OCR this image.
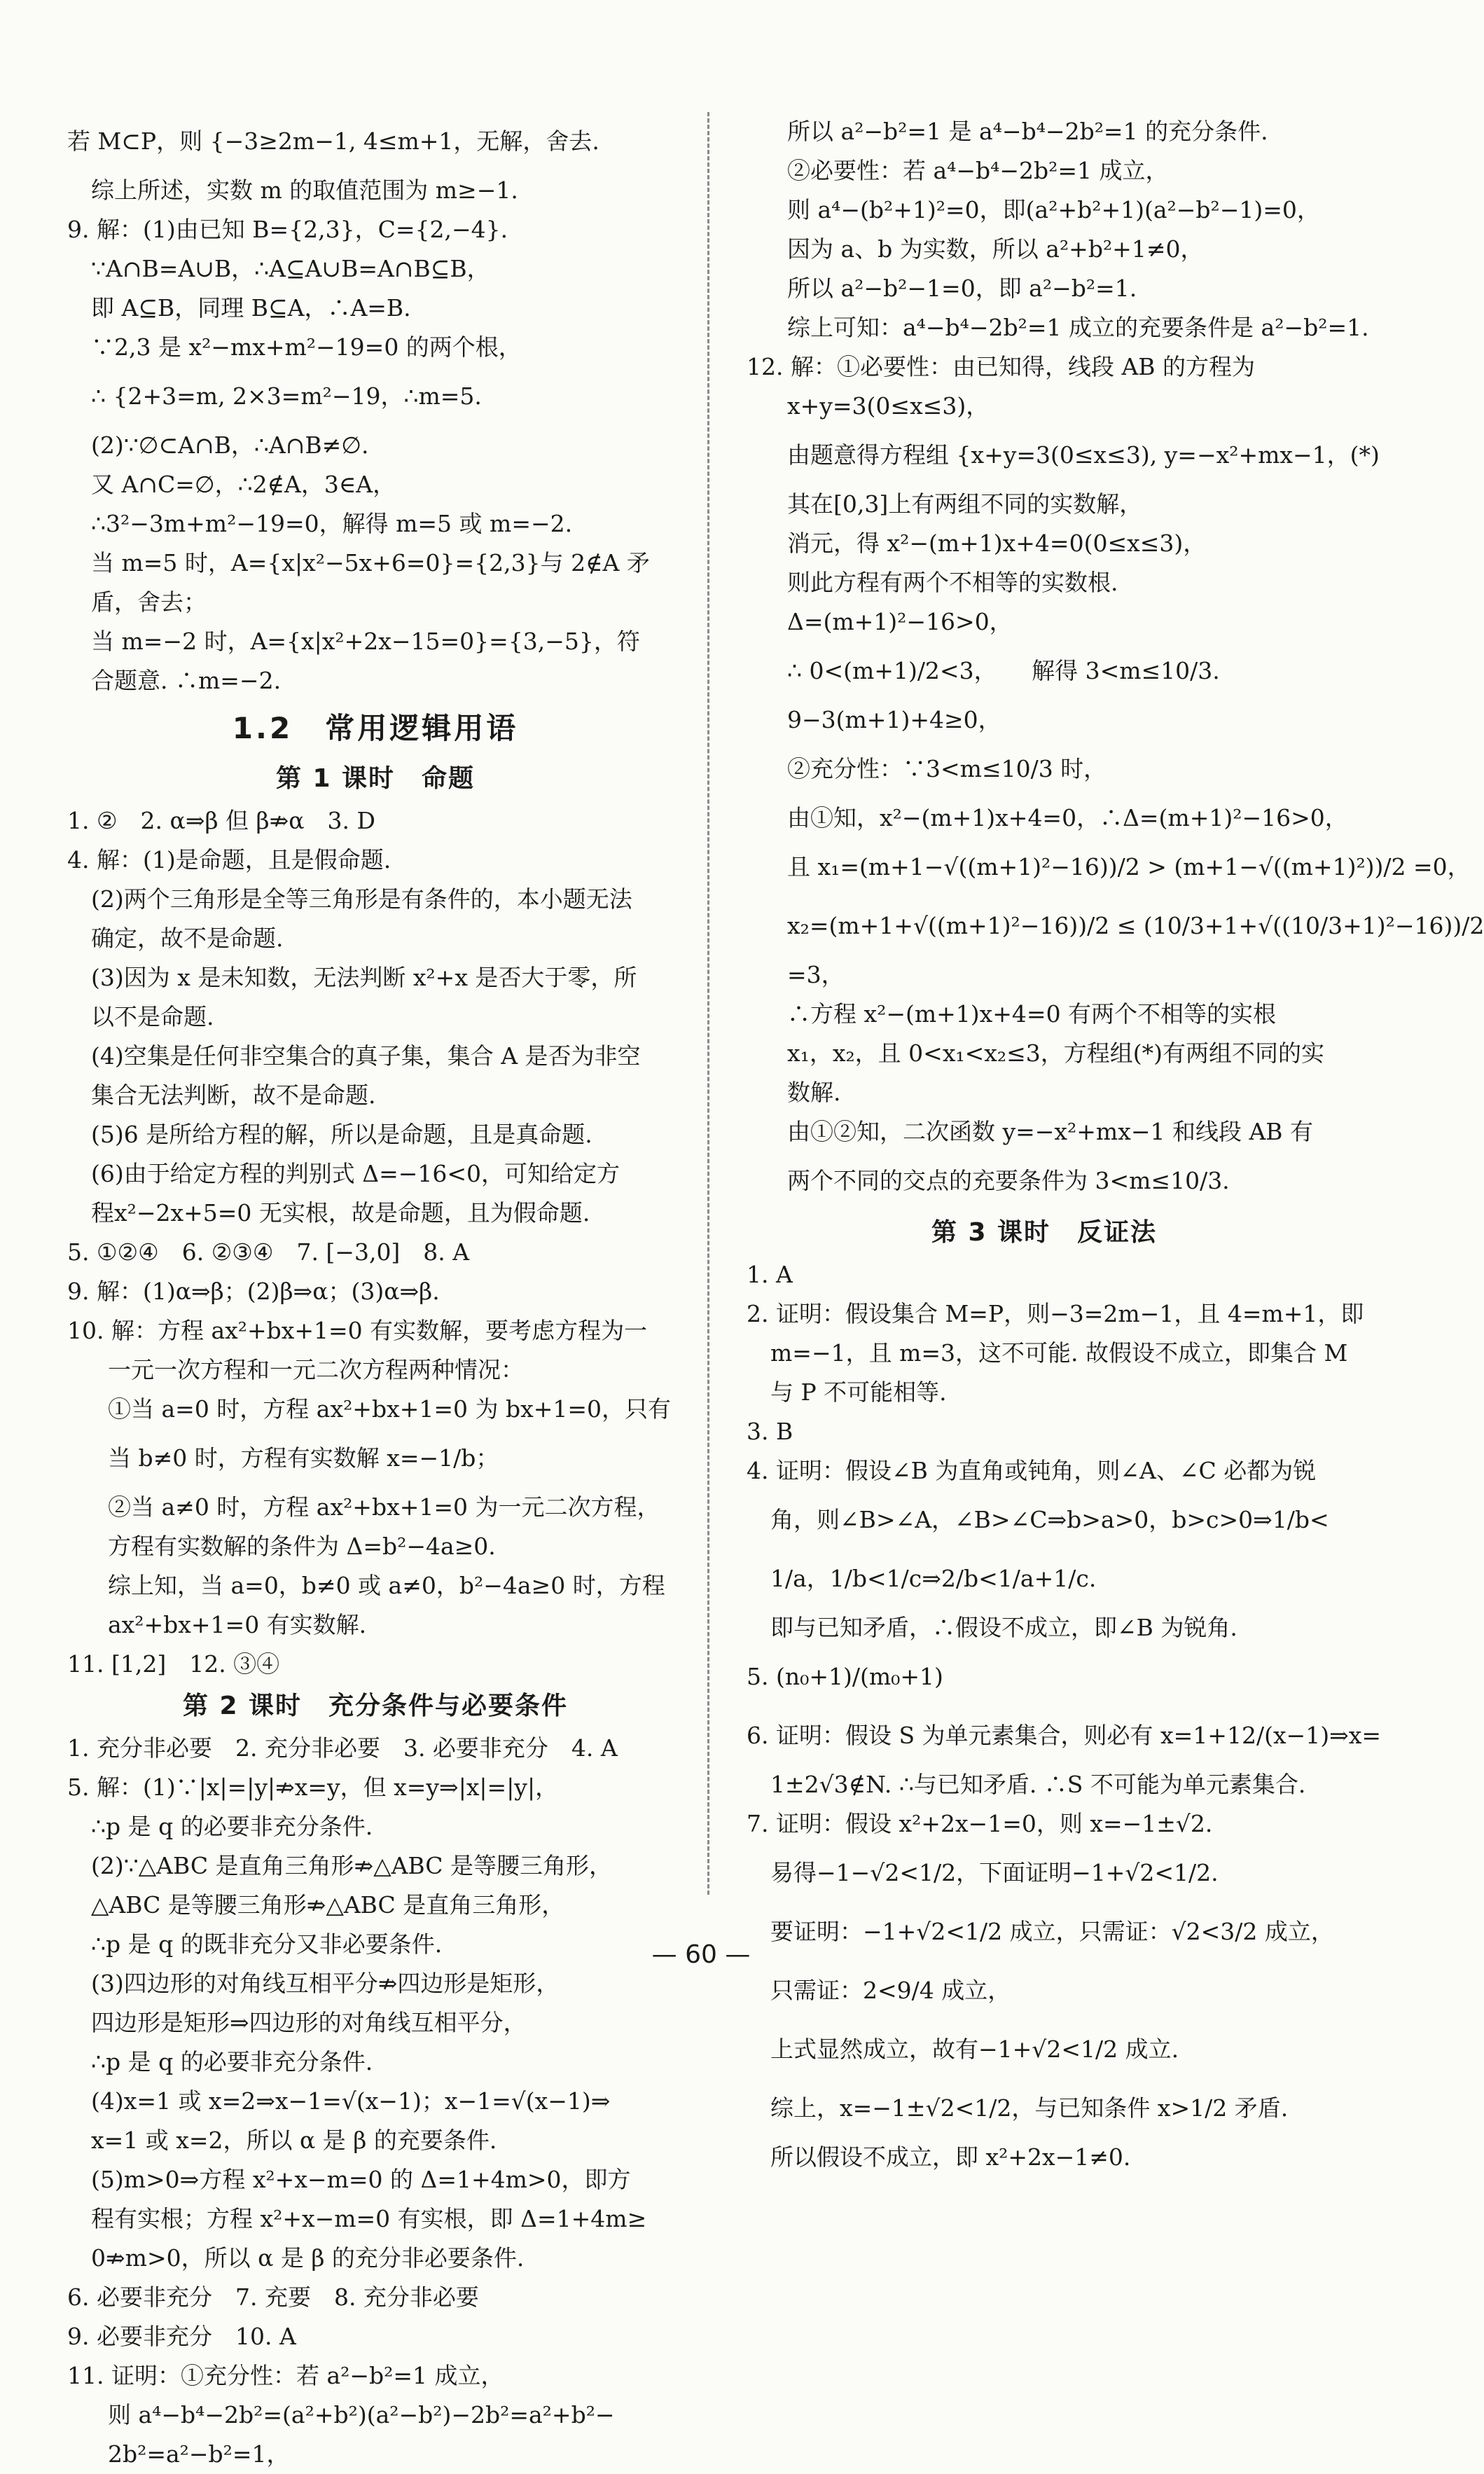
若 M⊂P，则 {−3≥2m−1, 4≤m+1，无解，舍去.
综上所述，实数 m 的取值范围为 m≥−1.
9. 解：(1)由已知 B={2,3}，C={2,−4}.
∵A∩B=A∪B，∴A⊆A∪B=A∩B⊆B，
即 A⊆B，同理 B⊆A，∴A=B.
∵2,3 是 x²−mx+m²−19=0 的两个根，
∴ {2+3=m, 2×3=m²−19，∴m=5.
(2)∵∅⊂A∩B，∴A∩B≠∅.
又 A∩C=∅，∴2∉A，3∈A，
∴3²−3m+m²−19=0，解得 m=5 或 m=−2.
当 m=5 时，A={x|x²−5x+6=0}={2,3}与 2∉A 矛
盾，舍去；
当 m=−2 时，A={x|x²+2x−15=0}={3,−5}，符
合题意. ∴m=−2.
1.2　常用逻辑用语
第 1 课时　命题
1. ②　2. α⇒β 但 β⇏α　3. D
4. 解：(1)是命题，且是假命题.
(2)两个三角形是全等三角形是有条件的，本小题无法
确定，故不是命题.
(3)因为 x 是未知数，无法判断 x²+x 是否大于零，所
以不是命题.
(4)空集是任何非空集合的真子集，集合 A 是否为非空
集合无法判断，故不是命题.
(5)6 是所给方程的解，所以是命题，且是真命题.
(6)由于给定方程的判别式 Δ=−16<0，可知给定方
程x²−2x+5=0 无实根，故是命题，且为假命题.
5. ①②④　6. ②③④　7. [−3,0]　8. A
9. 解：(1)α⇒β；(2)β⇒α；(3)α⇒β.
10. 解：方程 ax²+bx+1=0 有实数解，要考虑方程为一
一元一次方程和一元二次方程两种情况：
①当 a=0 时，方程 ax²+bx+1=0 为 bx+1=0，只有
当 b≠0 时，方程有实数解 x=−1/b；
②当 a≠0 时，方程 ax²+bx+1=0 为一元二次方程，
方程有实数解的条件为 Δ=b²−4a≥0.
综上知，当 a=0，b≠0 或 a≠0，b²−4a≥0 时，方程
ax²+bx+1=0 有实数解.
11. [1,2]　12. ③④
第 2 课时　充分条件与必要条件
1. 充分非必要　2. 充分非必要　3. 必要非充分　4. A
5. 解：(1)∵|x|=|y|⇏x=y，但 x=y⇒|x|=|y|，
∴p 是 q 的必要非充分条件.
(2)∵△ABC 是直角三角形⇏△ABC 是等腰三角形，
△ABC 是等腰三角形⇏△ABC 是直角三角形，
∴p 是 q 的既非充分又非必要条件.
(3)四边形的对角线互相平分⇏四边形是矩形，
四边形是矩形⇒四边形的对角线互相平分，
∴p 是 q 的必要非充分条件.
(4)x=1 或 x=2⇒x−1=√(x−1)；x−1=√(x−1)⇒
x=1 或 x=2，所以 α 是 β 的充要条件.
(5)m>0⇒方程 x²+x−m=0 的 Δ=1+4m>0，即方
程有实根；方程 x²+x−m=0 有实根，即 Δ=1+4m≥
0⇏m>0，所以 α 是 β 的充分非必要条件.
6. 必要非充分　7. 充要　8. 充分非必要
9. 必要非充分　10. A
11. 证明：①充分性：若 a²−b²=1 成立，
则 a⁴−b⁴−2b²=(a²+b²)(a²−b²)−2b²=a²+b²−
2b²=a²−b²=1，
所以 a²−b²=1 是 a⁴−b⁴−2b²=1 的充分条件.
②必要性：若 a⁴−b⁴−2b²=1 成立，
则 a⁴−(b²+1)²=0，即(a²+b²+1)(a²−b²−1)=0，
因为 a、b 为实数，所以 a²+b²+1≠0，
所以 a²−b²−1=0，即 a²−b²=1.
综上可知：a⁴−b⁴−2b²=1 成立的充要条件是 a²−b²=1.
12. 解：①必要性：由已知得，线段 AB 的方程为
x+y=3(0≤x≤3)，
由题意得方程组 {x+y=3(0≤x≤3), y=−x²+mx−1，(*)
其在[0,3]上有两组不同的实数解，
消元，得 x²−(m+1)x+4=0(0≤x≤3)，
则此方程有两个不相等的实数根.
Δ=(m+1)²−16>0，
∴ 0<(m+1)/2<3，　　解得 3<m≤10/3.
9−3(m+1)+4≥0，
②充分性：∵3<m≤10/3 时，
由①知，x²−(m+1)x+4=0，∴Δ=(m+1)²−16>0，
且 x₁=(m+1−√((m+1)²−16))/2 > (m+1−√((m+1)²))/2 =0，
x₂=(m+1+√((m+1)²−16))/2 ≤ (10/3+1+√((10/3+1)²−16))/2
=3，
∴方程 x²−(m+1)x+4=0 有两个不相等的实根
x₁，x₂，且 0<x₁<x₂≤3，方程组(*)有两组不同的实
数解.
由①②知，二次函数 y=−x²+mx−1 和线段 AB 有
两个不同的交点的充要条件为 3<m≤10/3.
第 3 课时　反证法
1. A
2. 证明：假设集合 M=P，则−3=2m−1，且 4=m+1，即
m=−1，且 m=3，这不可能. 故假设不成立，即集合 M
与 P 不可能相等.
3. B
4. 证明：假设∠B 为直角或钝角，则∠A、∠C 必都为锐
角，则∠B>∠A，∠B>∠C⇒b>a>0，b>c>0⇒1/b<
1/a，1/b<1/c⇒2/b<1/a+1/c.
即与已知矛盾，∴假设不成立，即∠B 为锐角.
5. (n₀+1)/(m₀+1)
6. 证明：假设 S 为单元素集合，则必有 x=1+12/(x−1)⇒x=
1±2√3∉N. ∴与已知矛盾. ∴S 不可能为单元素集合.
7. 证明：假设 x²+2x−1=0，则 x=−1±√2.
易得−1−√2<1/2，下面证明−1+√2<1/2.
要证明：−1+√2<1/2 成立，只需证：√2<3/2 成立，
只需证：2<9/4 成立，
上式显然成立，故有−1+√2<1/2 成立.
综上，x=−1±√2<1/2，与已知条件 x>1/2 矛盾.
所以假设不成立，即 x²+2x−1≠0.
— 60 —
